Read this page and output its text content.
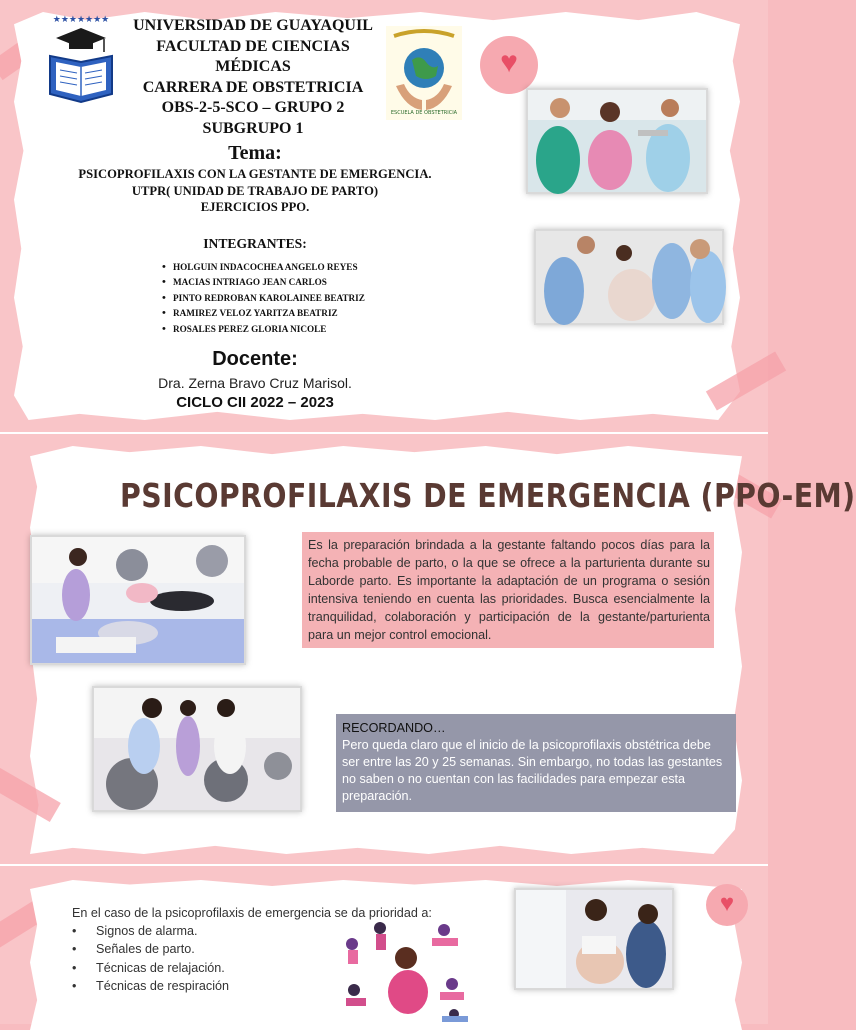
★★★★★★★	UNIVERSIDAD DE GUAYAQUIL
FACULTAD DE CIENCIAS MÉDICAS
CARRERA DE OBSTETRICIA
OBS-2-5-SCO – GRUPO 2
SUBGRUPO 1
ESCUELA DE OBSTETRICIA
Tema:
PSICOPROFILAXIS CON LA GESTANTE DE EMERGENCIA.
UTPR( UNIDAD DE TRABAJO DE PARTO)
EJERCICIOS PPO.
INTEGRANTES:
• HOLGUIN INDACOCHEA ANGELO REYES
• MACIAS INTRIAGO JEAN CARLOS
• PINTO REDROBAN KAROLAINEE BEATRIZ
• RAMIREZ VELOZ YARITZA BEATRIZ
• ROSALES PEREZ GLORIA NICOLE
Docente:
Dra. Zerna Bravo Cruz Marisol.
CICLO CII 2022 – 2023
♥
PSICOPROFILAXIS DE EMERGENCIA (PPO-EM)

Es la preparación brindada a la gestante faltando pocos días para la fecha probable de parto, o la que se ofrece a la parturienta durante su Laborde parto. Es importante la adaptación de un programa o sesión intensiva teniendo en cuenta las prioridades. Busca esencialmente la tranquilidad, colaboración y participación de la gestante/parturienta para un mejor control emocional.

RECORDANDO…

Pero queda claro que el inicio de la psicoprofilaxis obstétrica debe ser entre las 20 y 25 semanas. Sin embargo, no todas las gestantes no saben o no cuentan con las facilidades para empezar esta preparación.

En el caso de la psicoprofilaxis de emergencia se da prioridad a:
• Signos de alarma.
• Señales de parto.
• Técnicas de relajación.
• Técnicas de respiración
♥
